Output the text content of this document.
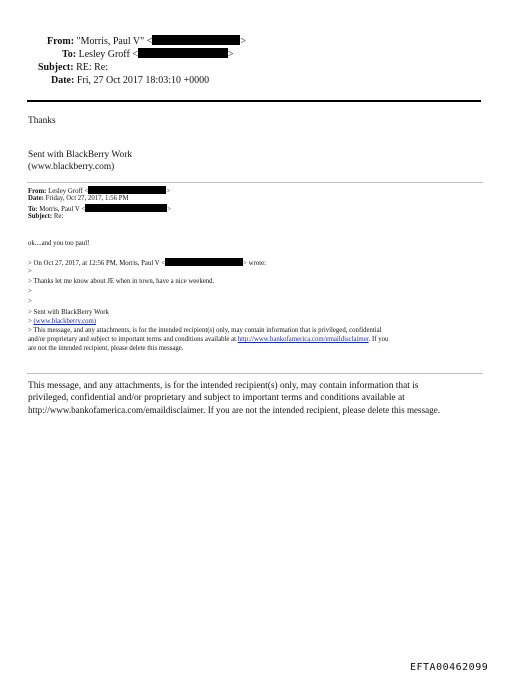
From: "Morris, Paul V" <	>
To: Lesley Groff <	>
Subject: RE: Re:
Date: Fri, 27 Oct 2017 18:03:10 +0000
Thanks
Sent with BlackBerry Work
(www.blackberry.com)
From: Lesley Groff <	>
Date: Friday, Oct 27, 2017, 1:56 PM
To: Morris, Paul V <	>
Subject: Re:
ok....and you too paul!
> On Oct 27, 2017, at 12:56 PM, Morris, Paul V <	> wrote:
>
> Thanks let me know about JE when in town, have a nice weekend.
>
>
> Sent with BlackBerry Work
> (www.blackberry.com)
> This message, and any attachments, is for the intended recipient(s) only, may contain information that is privileged, confidential
and/or proprietary and subject to important terms and conditions available at http://www.bankofamerica.com/emaildisclaimer. If you
are not the intended recipient, please delete this message.
This message, and any attachments, is for the intended recipient(s) only, may contain information that is
privileged, confidential and/or proprietary and subject to important terms and conditions available at
http://www.bankofamerica.com/emaildisclaimer. If you are not the intended recipient, please delete this message.
EFTA00462099
